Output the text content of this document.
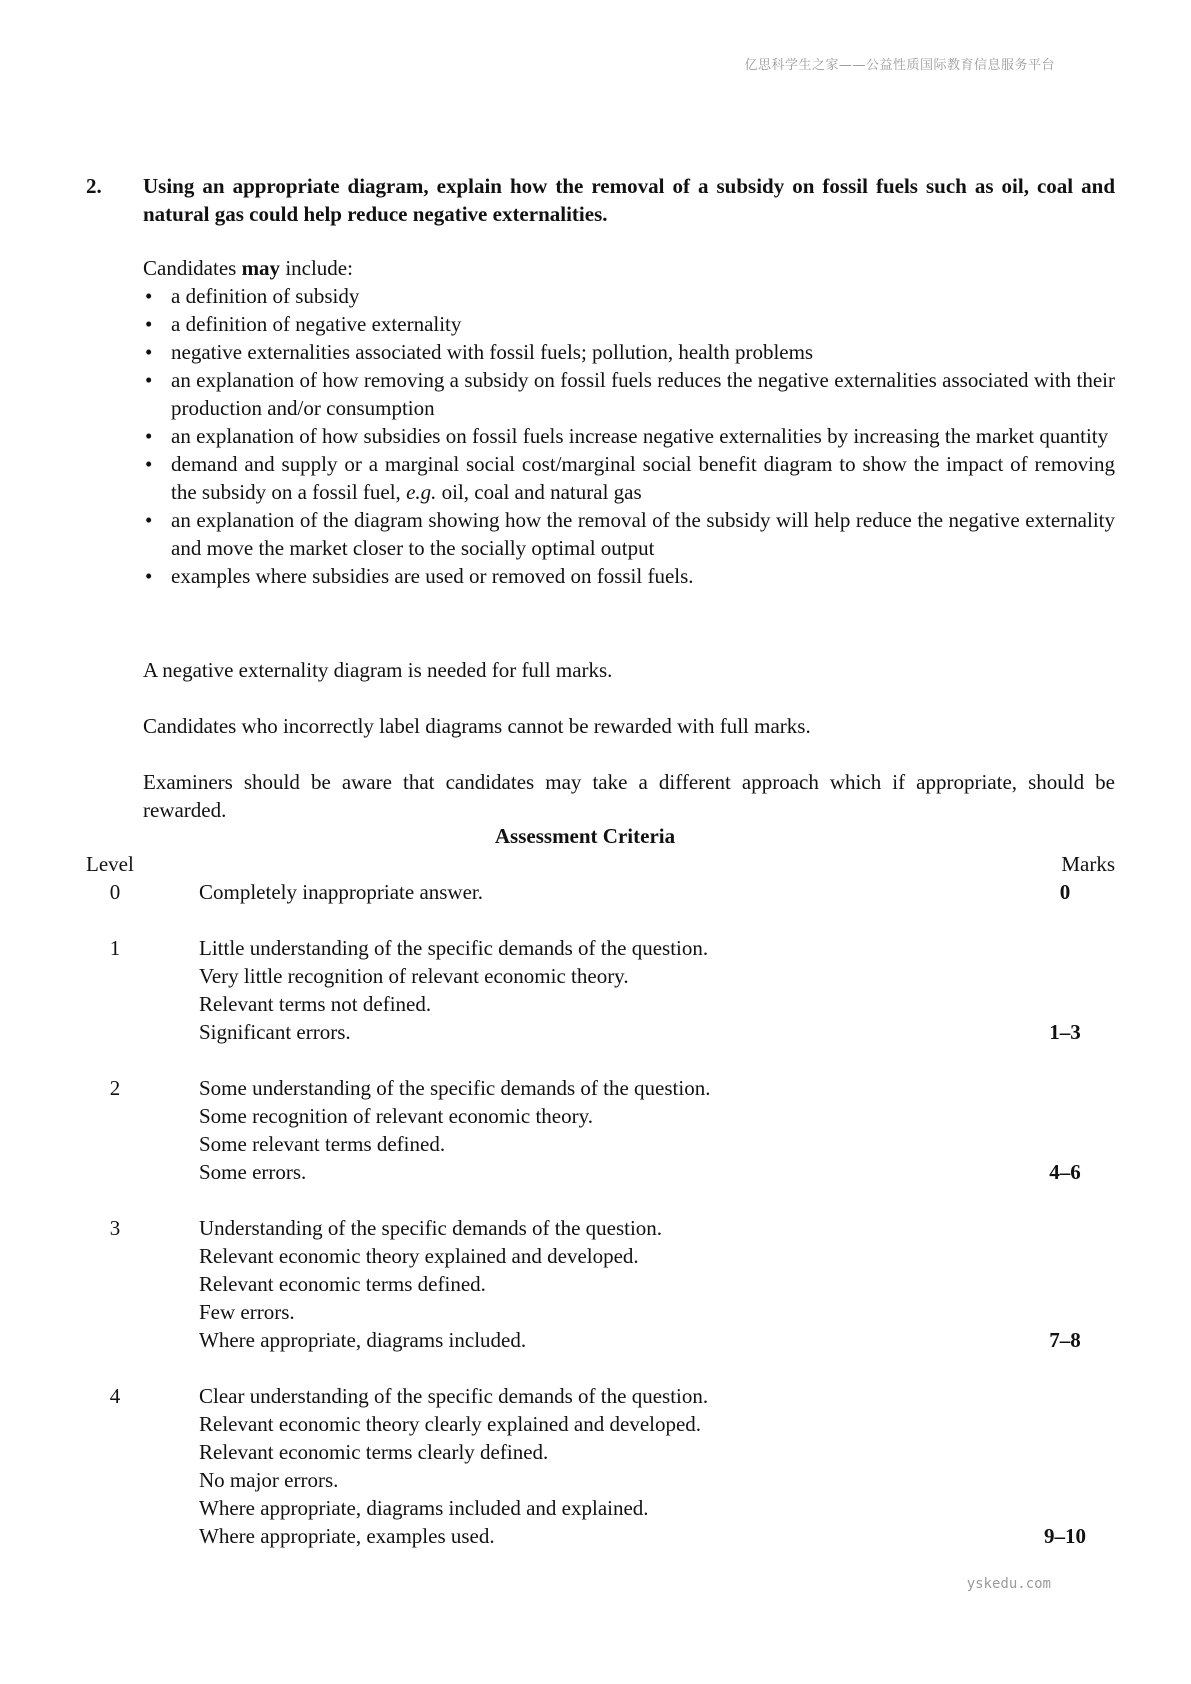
亿思科学生之家——公益性质国际教育信息服务平台
2. Using an appropriate diagram, explain how the removal of a subsidy on fossil fuels such as oil, coal and natural gas could help reduce negative externalities.
Candidates may include:
• a definition of subsidy
• a definition of negative externality
• negative externalities associated with fossil fuels; pollution, health problems
• an explanation of how removing a subsidy on fossil fuels reduces the negative externalities associated with their production and/or consumption
• an explanation of how subsidies on fossil fuels increase negative externalities by increasing the market quantity
• demand and supply or a marginal social cost/marginal social benefit diagram to show the impact of removing the subsidy on a fossil fuel, e.g. oil, coal and natural gas
• an explanation of the diagram showing how the removal of the subsidy will help reduce the negative externality and move the market closer to the socially optimal output
• examples where subsidies are used or removed on fossil fuels.
A negative externality diagram is needed for full marks.
Candidates who incorrectly label diagrams cannot be rewarded with full marks.
Examiners should be aware that candidates may take a different approach which if appropriate, should be rewarded.
Assessment Criteria
Level	Marks
0	Completely inappropriate answer.	0
1	Little understanding of the specific demands of the question.
Very little recognition of relevant economic theory.
Relevant terms not defined.
Significant errors.	1–3
2	Some understanding of the specific demands of the question.
Some recognition of relevant economic theory.
Some relevant terms defined.
Some errors.	4–6
3	Understanding of the specific demands of the question.
Relevant economic theory explained and developed.
Relevant economic terms defined.
Few errors.
Where appropriate, diagrams included.	7–8
4	Clear understanding of the specific demands of the question.
Relevant economic theory clearly explained and developed.
Relevant economic terms clearly defined.
No major errors.
Where appropriate, diagrams included and explained.
Where appropriate, examples used.	9–10
yskedu.com
